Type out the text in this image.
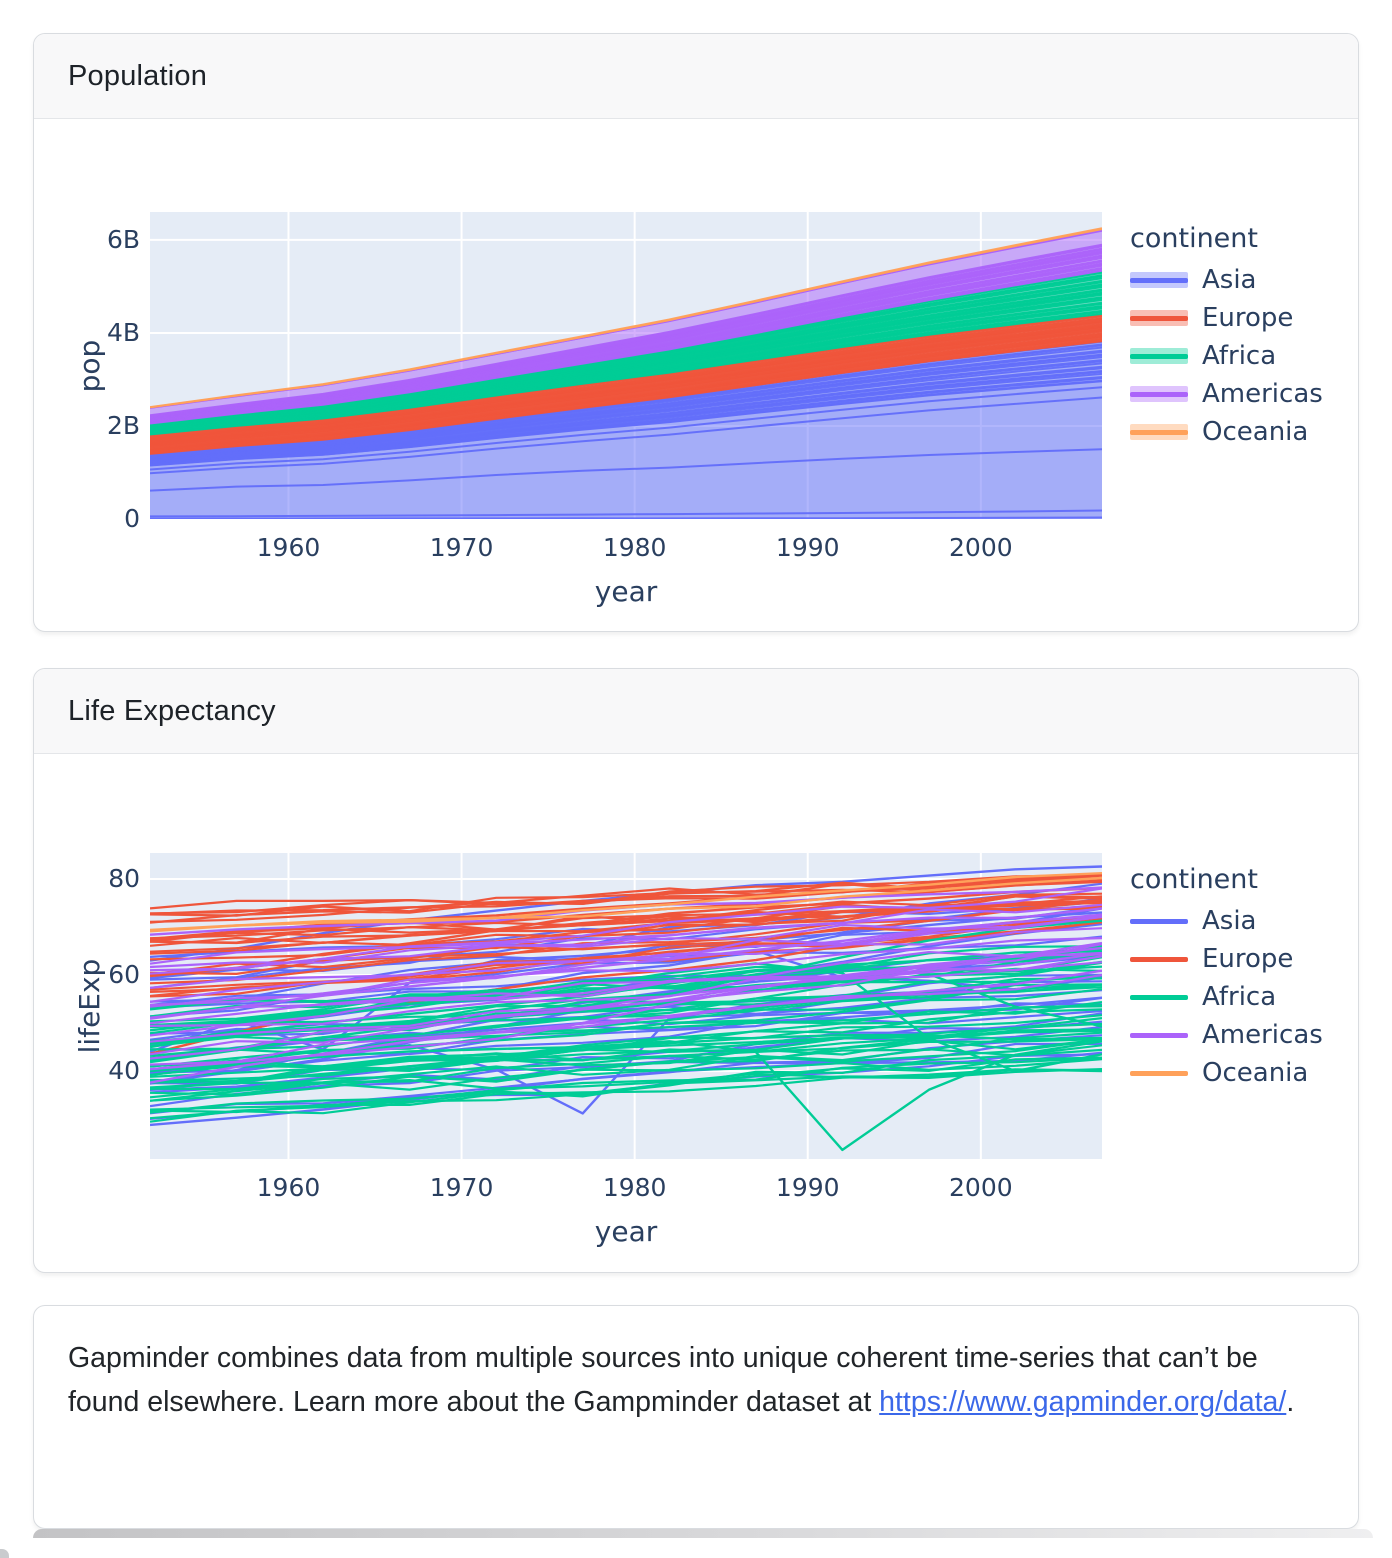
Population
continent
Asia
Europe
Africa
Americas
Oceania
0
2B
4B
6B
1960	1970	1980	1990	2000
pop
year
Life Expectancy
continent
Asia
Europe
Africa
Americas
Oceania
40
60
80
1960	1970	1980	1990	2000
lifeExp
year
Gapminder combines data from multiple sources into unique coherent time-series that can’t be found elsewhere. Learn more about the Gampminder dataset at https://www.gapminder.org/data/.
